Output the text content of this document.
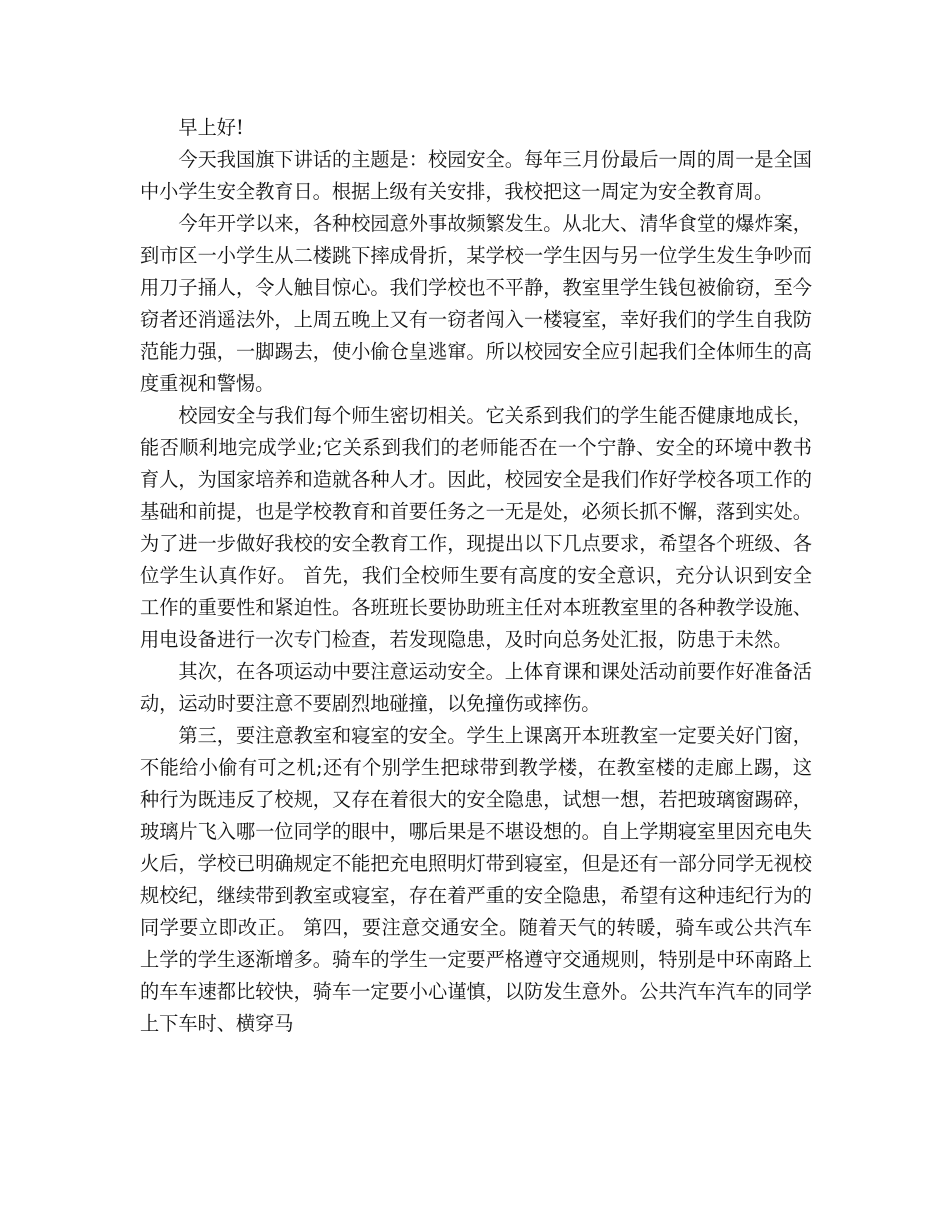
早上好!

今天我国旗下讲话的主题是：校园安全。每年三月份最后一周的周一是全国中小学生安全教育日。根据上级有关安排，我校把这一周定为安全教育周。

今年开学以来，各种校园意外事故频繁发生。从北大、清华食堂的爆炸案，到市区一小学生从二楼跳下摔成骨折，某学校一学生因与另一位学生发生争吵而用刀子捅人，令人触目惊心。我们学校也不平静，教室里学生钱包被偷窃，至今窃者还消遥法外，上周五晚上又有一窃者闯入一楼寝室，幸好我们的学生自我防范能力强，一脚踢去，使小偷仓皇逃窜。所以校园安全应引起我们全体师生的高度重视和警惕。

校园安全与我们每个师生密切相关。它关系到我们的学生能否健康地成长，能否顺利地完成学业;它关系到我们的老师能否在一个宁静、安全的环境中教书育人，为国家培养和造就各种人才。因此，校园安全是我们作好学校各项工作的基础和前提，也是学校教育和首要任务之一无是处，必须长抓不懈，落到实处。为了进一步做好我校的安全教育工作，现提出以下几点要求，希望各个班级、各位学生认真作好。 首先，我们全校师生要有高度的安全意识，充分认识到安全工作的重要性和紧迫性。各班班长要协助班主任对本班教室里的各种教学设施、用电设备进行一次专门检查，若发现隐患，及时向总务处汇报，防患于未然。

其次，在各项运动中要注意运动安全。上体育课和课处活动前要作好准备活动，运动时要注意不要剧烈地碰撞，以免撞伤或摔伤。

第三，要注意教室和寝室的安全。学生上课离开本班教室一定要关好门窗，不能给小偷有可之机;还有个别学生把球带到教学楼，在教室楼的走廊上踢，这种行为既违反了校规，又存在着很大的安全隐患，试想一想，若把玻璃窗踢碎，玻璃片飞入哪一位同学的眼中，哪后果是不堪设想的。自上学期寝室里因充电失火后，学校已明确规定不能把充电照明灯带到寝室，但是还有一部分同学无视校规校纪，继续带到教室或寝室，存在着严重的安全隐患，希望有这种违纪行为的同学要立即改正。 第四，要注意交通安全。随着天气的转暖，骑车或公共汽车上学的学生逐渐增多。骑车的学生一定要严格遵守交通规则，特别是中环南路上的车车速都比较快，骑车一定要小心谨慎，以防发生意外。公共汽车汽车的同学上下车时、横穿马
